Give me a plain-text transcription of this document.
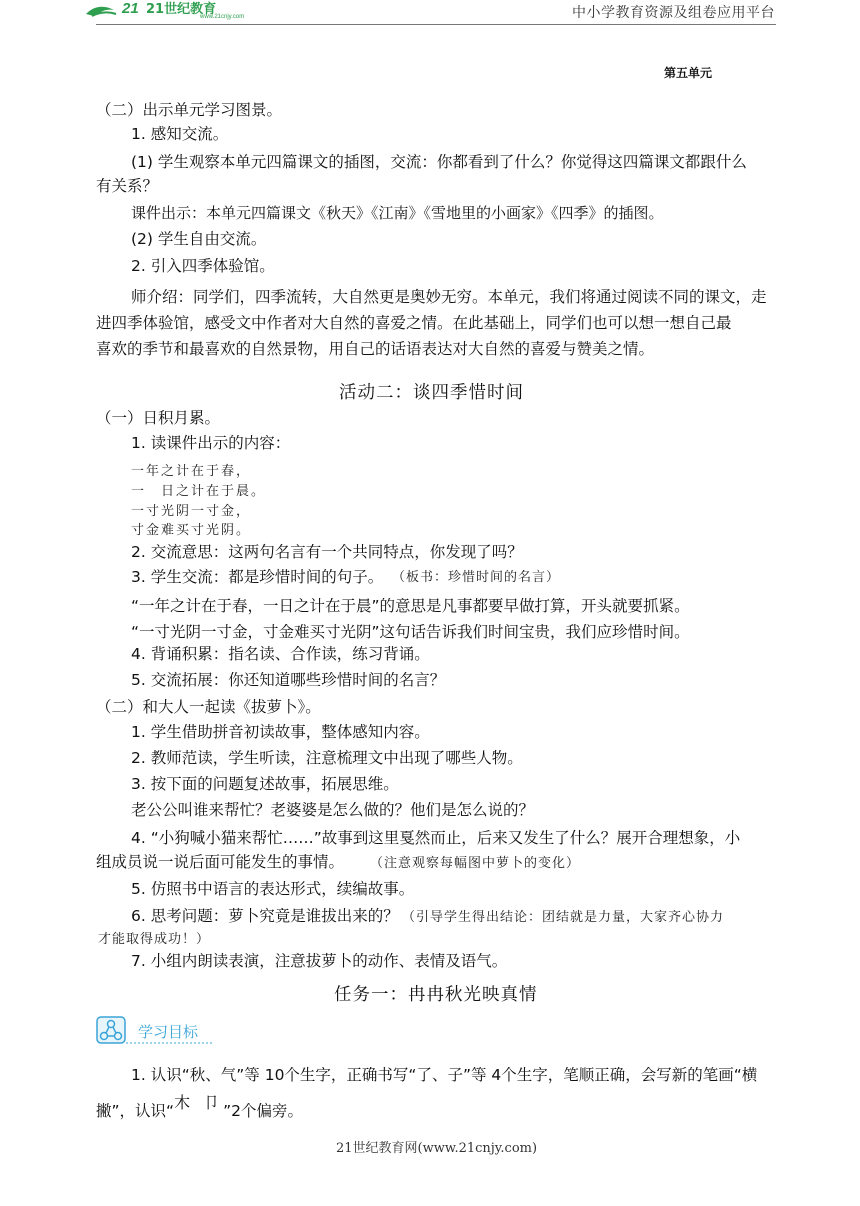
21 21世纪教育
www.21cnjy.com	中小学教育资源及组卷应用平台
第五单元
（二）出示单元学习图景。
1. 感知交流。
(1) 学生观察本单元四篇课文的插图，交流：你都看到了什么？你觉得这四篇课文都跟什么
有关系？
课件出示：本单元四篇课文《秋天》《江南》《雪地里的小画家》《四季》的插图。
(2) 学生自由交流。
2. 引入四季体验馆。
师介绍：同学们，四季流转，大自然更是奥妙无穷。本单元，我们将通过阅读不同的课文，走
进四季体验馆，感受文中作者对大自然的喜爱之情。在此基础上，同学们也可以想一想自己最
喜欢的季节和最喜欢的自然景物，用自己的话语表达对大自然的喜爱与赞美之情。
活动二：谈四季惜时间
（一）日积月累。
1. 读课件出示的内容：
一年之计在于春，
一　日之计在于晨。
一寸光阴一寸金，
寸金难买寸光阴。
2. 交流意思：这两句名言有一个共同特点，你发现了吗？
3. 学生交流：都是珍惜时间的句子。 （板书：珍惜时间的名言）
“一年之计在于春，一日之计在于晨”的意思是凡事都要早做打算，开头就要抓紧。
“一寸光阴一寸金，寸金难买寸光阴”这句话告诉我们时间宝贵，我们应珍惜时间。
4. 背诵积累：指名读、合作读，练习背诵。
5. 交流拓展：你还知道哪些珍惜时间的名言？
（二）和大人一起读《拔萝卜》。
1. 学生借助拼音初读故事，整体感知内容。
2. 教师范读，学生听读，注意梳理文中出现了哪些人物。
3. 按下面的问题复述故事，拓展思维。
老公公叫谁来帮忙？老婆婆是怎么做的？他们是怎么说的？
4. “小狗喊小猫来帮忙……”故事到这里戛然而止，后来又发生了什么？展开合理想象，小
组成员说一说后面可能发生的事情。 （注意观察每幅图中萝卜的变化）
5. 仿照书中语言的表达形式，续编故事。
6. 思考问题：萝卜究竟是谁拔出来的？ （引导学生得出结论：团结就是力量，大家齐心协力
才能取得成功！）
7. 小组内朗读表演，注意拔萝卜的动作、表情及语气。
任务一：冉冉秋光映真情
学习目标
1. 认识“秋、气”等 10个生字，正确书写“了、子”等 4个生字，笔顺正确，会写新的笔画“横
撇”，认识“木 卩”2个偏旁。
21世纪教育网(www.21cnjy.com)
